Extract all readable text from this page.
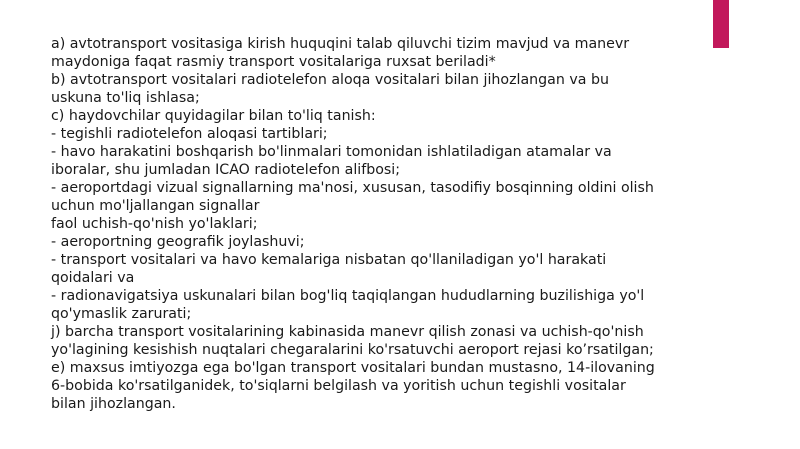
a) avtotransport vositasiga kirish huquqini talab qiluvchi tizim mavjud va manevr
maydoniga faqat rasmiy transport vositalariga ruxsat beriladi*
b) avtotransport vositalari radiotelefon aloqa vositalari bilan jihozlangan va bu
uskuna to'liq ishlasa;
c) haydovchilar quyidagilar bilan to'liq tanish:
- tegishli radiotelefon aloqasi tartiblari;
- havo harakatini boshqarish bo'linmalari tomonidan ishlatiladigan atamalar va
iboralar, shu jumladan ICAO radiotelefon alifbosi;
- aeroportdagi vizual signallarning ma'nosi, xususan, tasodifiy bosqinning oldini olish
uchun mo'ljallangan signallar
faol uchish-qo'nish yo'laklari;
- aeroportning geografik joylashuvi;
- transport vositalari va havo kemalariga nisbatan qo'llaniladigan yo'l harakati
qoidalari va
- radionavigatsiya uskunalari bilan bog'liq taqiqlangan hududlarning buzilishiga yo'l
qo'ymaslik zarurati;
j) barcha transport vositalarining kabinasida manevr qilish zonasi va uchish-qo'nish
yo'lagining kesishish nuqtalari chegaralarini ko'rsatuvchi aeroport rejasi ko’rsatilgan;
e) maxsus imtiyozga ega bo'lgan transport vositalari bundan mustasno, 14-ilovaning
6-bobida ko'rsatilganidek, to'siqlarni belgilash va yoritish uchun tegishli vositalar
bilan jihozlangan.
